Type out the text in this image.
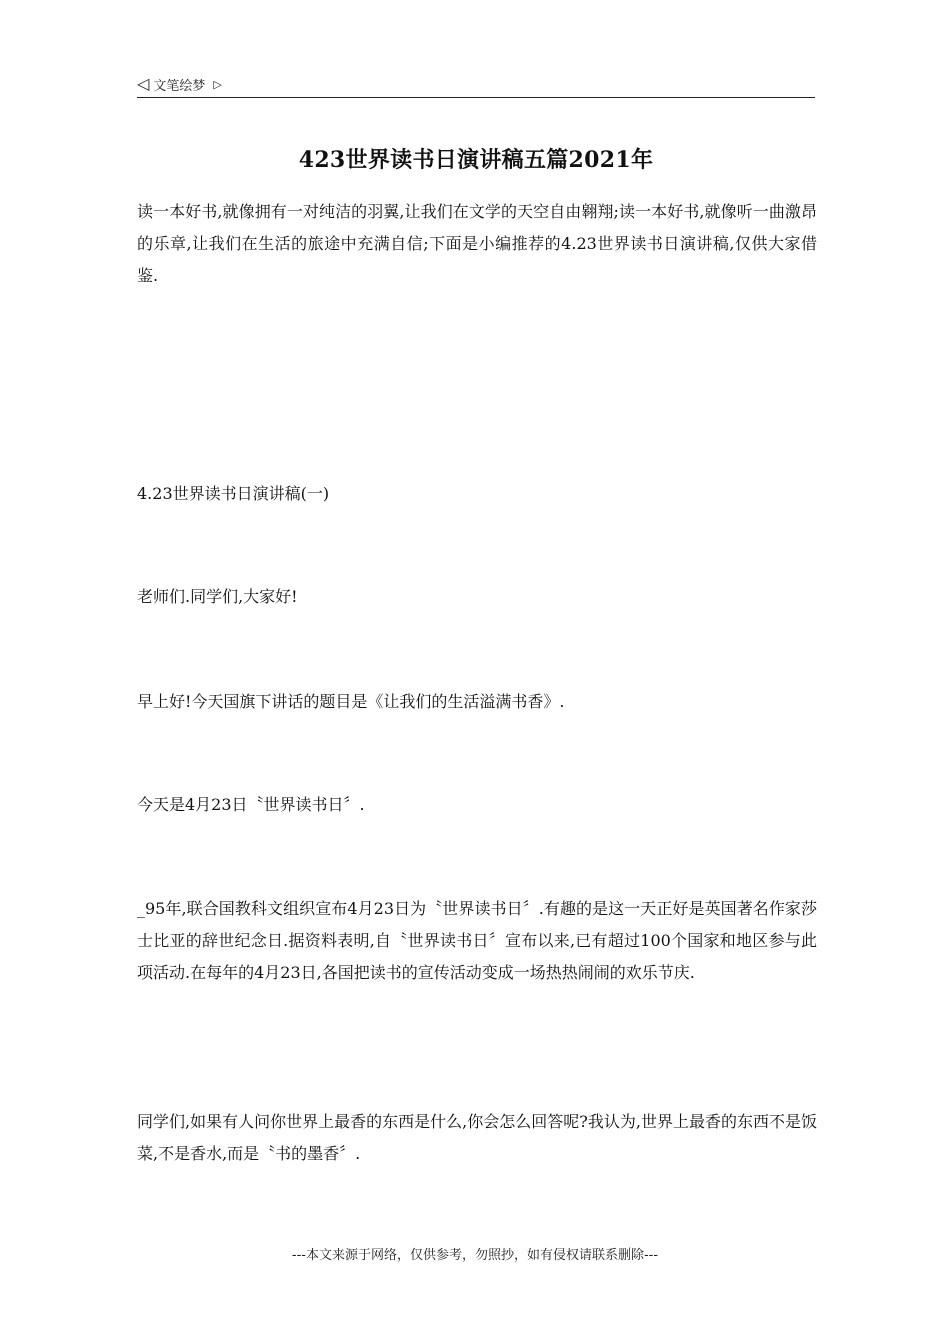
◁ 文笔绘梦 ▷
423世界读书日演讲稿五篇2021年

读一本好书,就像拥有一对纯洁的羽翼,让我们在文学的天空自由翱翔;读一本好书,就像听一曲激昂的乐章,让我们在生活的旅途中充满自信;下面是小编推荐的4.23世界读书日演讲稿,仅供大家借鉴.

4.23世界读书日演讲稿(一)

老师们.同学们,大家好!

早上好!今天国旗下讲话的题目是《让我们的生活溢满书香》.

今天是4月23日〝世界读书日〞.

_95年,联合国教科文组织宣布4月23日为〝世界读书日〞.有趣的是这一天正好是英国著名作家莎士比亚的辞世纪念日.据资料表明,自〝世界读书日〞宣布以来,已有超过100个国家和地区参与此项活动.在每年的4月23日,各国把读书的宣传活动变成一场热热闹闹的欢乐节庆.

同学们,如果有人问你世界上最香的东西是什么,你会怎么回答呢?我认为,世界上最香的东西不是饭菜,不是香水,而是〝书的墨香〞.

---本文来源于网络，仅供参考，勿照抄，如有侵权请联系删除---
